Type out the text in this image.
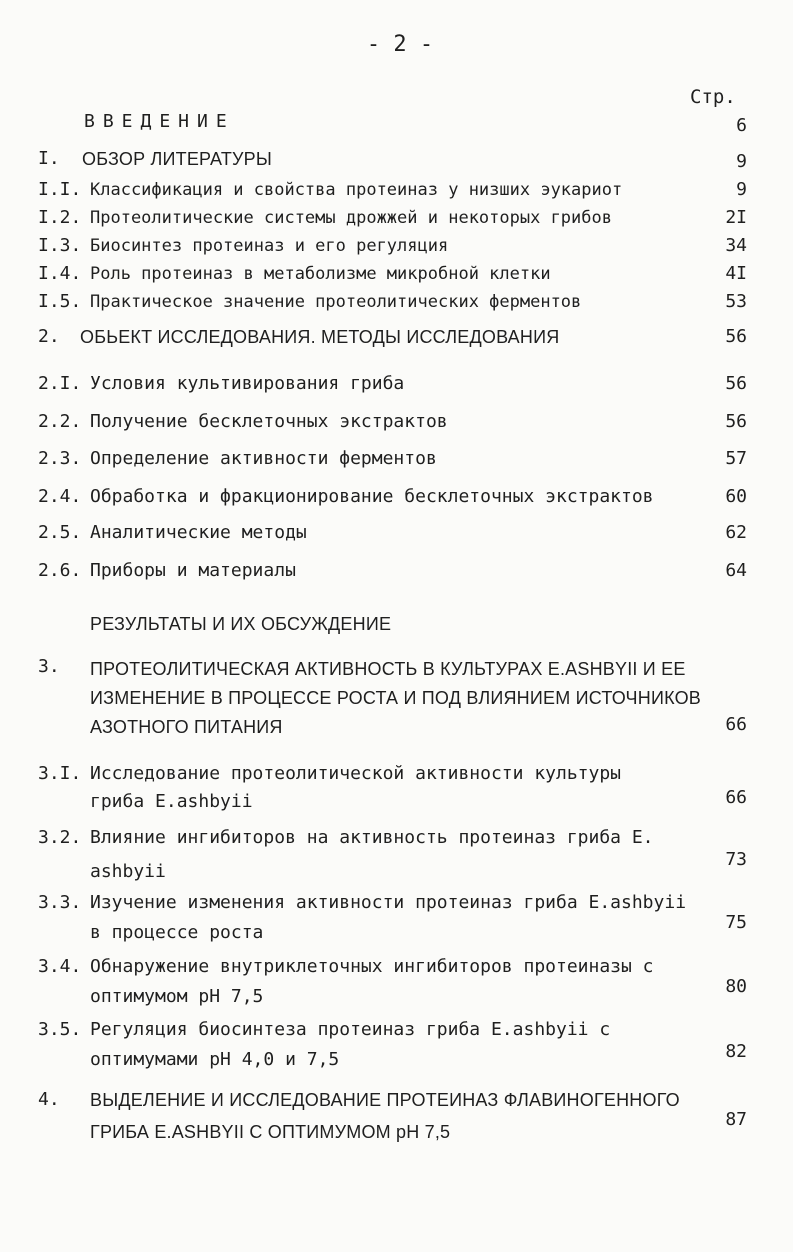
- 2 -
Стр.
ВВЕДЕНИЕ	6
I. ОБЗОР ЛИТЕРАТУРЫ	9
I.I. Классификация и свойства протеиназ у низших эукариот	9
I.2. Протеолитические системы дрожжей и некоторых грибов	2I
I.3. Биосинтез протеиназ и его регуляция	34
I.4. Роль протеиназ в метаболизме микробной клетки	4I
I.5. Практическое значение протеолитических ферментов	53
2. ОБЬЕКТ ИССЛЕДОВАНИЯ. МЕТОДЫ ИССЛЕДОВАНИЯ	56
2.I. Условия культивирования гриба	56
2.2. Получение бесклеточных экстрактов	56
2.3. Определение активности ферментов	57
2.4. Обработка и фракционирование бесклеточных экстрактов	60
2.5. Аналитические методы	62
2.6. Приборы и материалы	64
РЕЗУЛЬТАТЫ И ИХ ОБСУЖДЕНИЕ
3. ПРОТЕОЛИТИЧЕСКАЯ АКТИВНОСТЬ В КУЛЬТУРАХ E.ASHBYII И ЕЕ ИЗМЕНЕНИЕ В ПРОЦЕССЕ РОСТА И ПОД ВЛИЯНИЕМ ИСТОЧНИКОВ АЗОТНОГО ПИТАНИЯ	66
3.I. Исследование протеолитической активности культуры
гриба E.ashbyii	66
3.2. Влияние ингибиторов на активность протеиназ гриба E.
ashbyii
73
3.3. Изучение изменения активности протеиназ гриба E.ashbyii
в процессе роста	75
3.4. Обнаружение внутриклеточных ингибиторов протеиназы с
оптимумом pH 7,5	80
3.5. Регуляция биосинтеза протеиназ гриба E.ashbyii с
оптимумами pH 4,0 и 7,5	82
4. ВЫДЕЛЕНИЕ И ИССЛЕДОВАНИЕ ПРОТЕИНАЗ ФЛАВИНОГЕННОГО
ГРИБА E.ASHBYII С ОПТИМУМОМ pH 7,5
87
